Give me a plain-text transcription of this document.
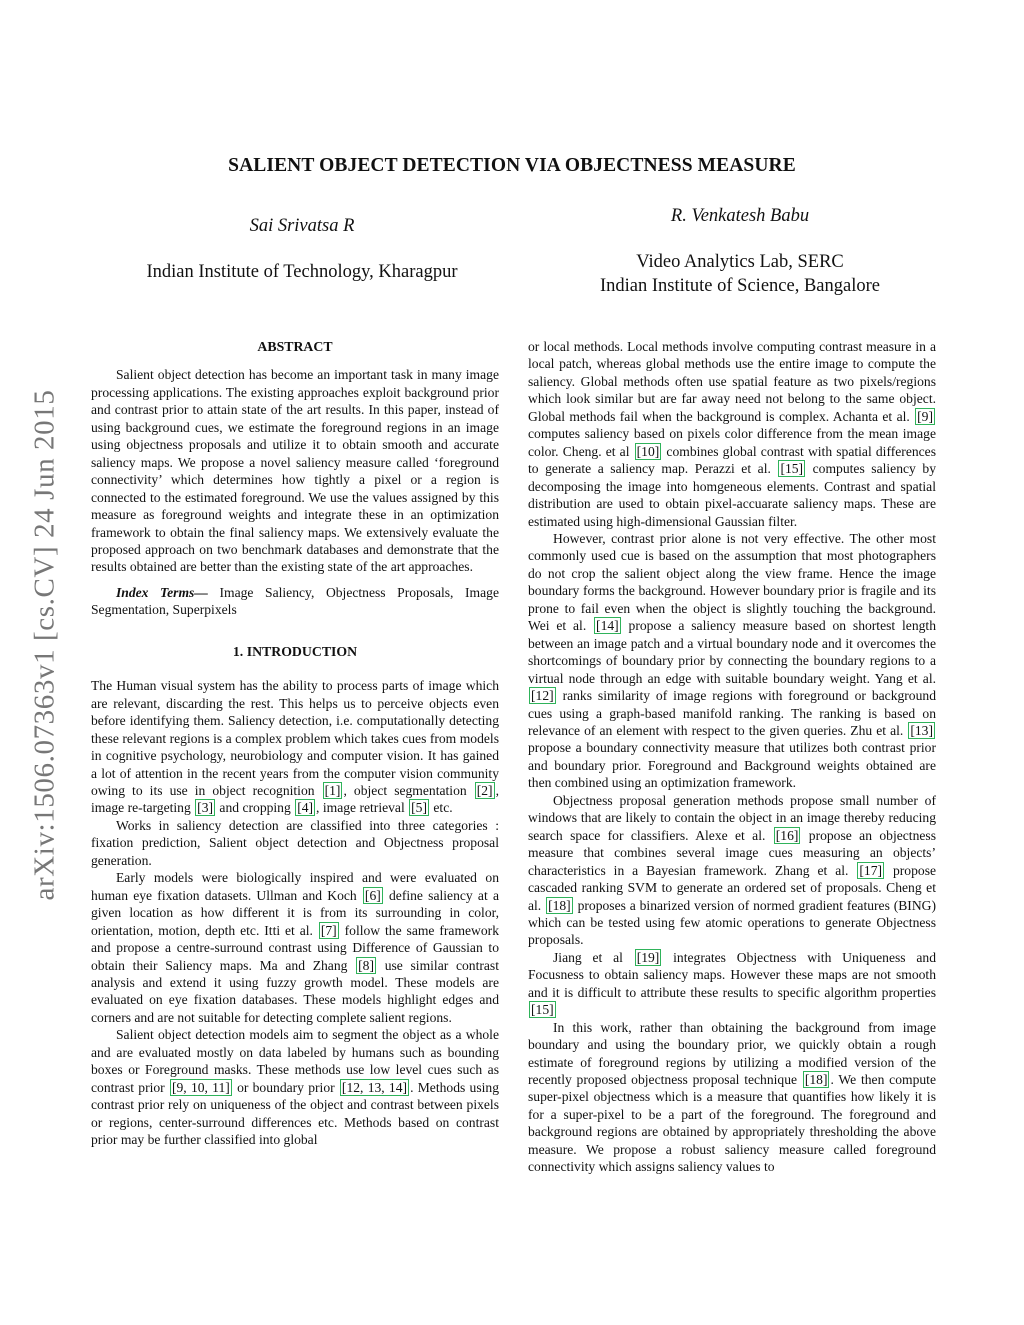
SALIENT OBJECT DETECTION VIA OBJECTNESS MEASURE
Sai Srivatsa R
Indian Institute of Technology, Kharagpur
R. Venkatesh Babu
Video Analytics Lab, SERC
Indian Institute of Science, Bangalore
arXiv:1506.07363v1 [cs.CV] 24 Jun 2015
ABSTRACT

Salient object detection has become an important task in many image processing applications. The existing approaches exploit background prior and contrast prior to attain state of the art results. In this paper, instead of using background cues, we estimate the foreground regions in an image using objectness proposals and utilize it to obtain smooth and accurate saliency maps. We propose a novel saliency measure called ‘foreground connectivity’ which determines how tightly a pixel or a region is connected to the estimated foreground. We use the values assigned by this measure as foreground weights and integrate these in an optimization framework to obtain the final saliency maps. We extensively evaluate the proposed approach on two benchmark databases and demonstrate that the results obtained are better than the existing state of the art approaches.

Index Terms— Image Saliency, Objectness Proposals, Image Segmentation, Superpixels

1. INTRODUCTION

The Human visual system has the ability to process parts of image which are relevant, discarding the rest. This helps us to perceive objects even before identifying them. Saliency detection, i.e. computationally detecting these relevant regions is a complex problem which takes cues from models in cognitive psychology, neurobiology and computer vision. It has gained a lot of attention in the recent years from the computer vision community owing to its use in object recognition [1] , object segmentation [2] , image re-targeting [3] and cropping [4] , image retrieval [5] etc.

Works in saliency detection are classified into three categories : fixation prediction, Salient object detection and Objectness proposal generation.

Early models were biologically inspired and were evaluated on human eye fixation datasets. Ullman and Koch [6] define saliency at a given location as how different it is from its surrounding in color, orientation, motion, depth etc. Itti et al. [7] follow the same framework and propose a centre-surround contrast using Difference of Gaussian to obtain their Saliency maps. Ma and Zhang [8] use similar contrast analysis and extend it using fuzzy growth model. These models are evaluated on eye fixation databases. These models highlight edges and corners and are not suitable for detecting complete salient regions.

Salient object detection models aim to segment the object as a whole and are evaluated mostly on data labeled by humans such as bounding boxes or Foreground masks. These methods use low level cues such as contrast prior [9, 10, 11] or boundary prior [12, 13, 14] . Methods using contrast prior rely on uniqueness of the object and contrast between pixels or regions, center-surround differences etc. Methods based on contrast prior may be further classified into global

or local methods. Local methods involve computing contrast measure in a local patch, whereas global methods use the entire image to compute the saliency. Global methods often use spatial feature as two pixels/regions which look similar but are far away need not belong to the same object. Global methods fail when the background is complex. Achanta et al. [9] computes saliency based on pixels color difference from the mean image color. Cheng. et al [10] combines global contrast with spatial differences to generate a saliency map. Perazzi et al. [15] computes saliency by decomposing the image into homgeneous elements. Contrast and spatial distribution are used to obtain pixel-accuarate saliency maps. These are estimated using high-dimensional Gaussian filter.

However, contrast prior alone is not very effective. The other most commonly used cue is based on the assumption that most photographers do not crop the salient object along the view frame. Hence the image boundary forms the background. However boundary prior is fragile and its prone to fail even when the object is slightly touching the background. Wei et al. [14] propose a saliency measure based on shortest length between an image patch and a virtual boundary node and it overcomes the shortcomings of boundary prior by connecting the boundary regions to a virtual node through an edge with suitable boundary weight. Yang et al. [12] ranks similarity of image regions with foreground or background cues using a graph-based manifold ranking. The ranking is based on relevance of an element with respect to the given queries. Zhu et al. [13] propose a boundary connectivity measure that utilizes both contrast prior and boundary prior. Foreground and Background weights obtained are then combined using an optimization framework.

Objectness proposal generation methods propose small number of windows that are likely to contain the object in an image thereby reducing search space for classifiers. Alexe et al. [16] propose an objectness measure that combines several image cues measuring an objects’ characteristics in a Bayesian framework. Zhang et al. [17] propose cascaded ranking SVM to generate an ordered set of proposals. Cheng et al. [18] proposes a binarized version of normed gradient features (BING) which can be tested using few atomic operations to generate Objectness proposals.

Jiang et al [19] integrates Objectness with Uniqueness and Focusness to obtain saliency maps. However these maps are not smooth and it is difficult to attribute these results to specific algorithm properties [15]

In this work, rather than obtaining the background from image boundary and using the boundary prior, we quickly obtain a rough estimate of foreground regions by utilizing a modified version of the recently proposed objectness proposal technique [18] . We then compute super-pixel objectness which is a measure that quantifies how likely it is for a super-pixel to be a part of the foreground. The foreground and background regions are obtained by appropriately thresholding the above measure. We propose a robust saliency measure called foreground connectivity which assigns saliency values to
